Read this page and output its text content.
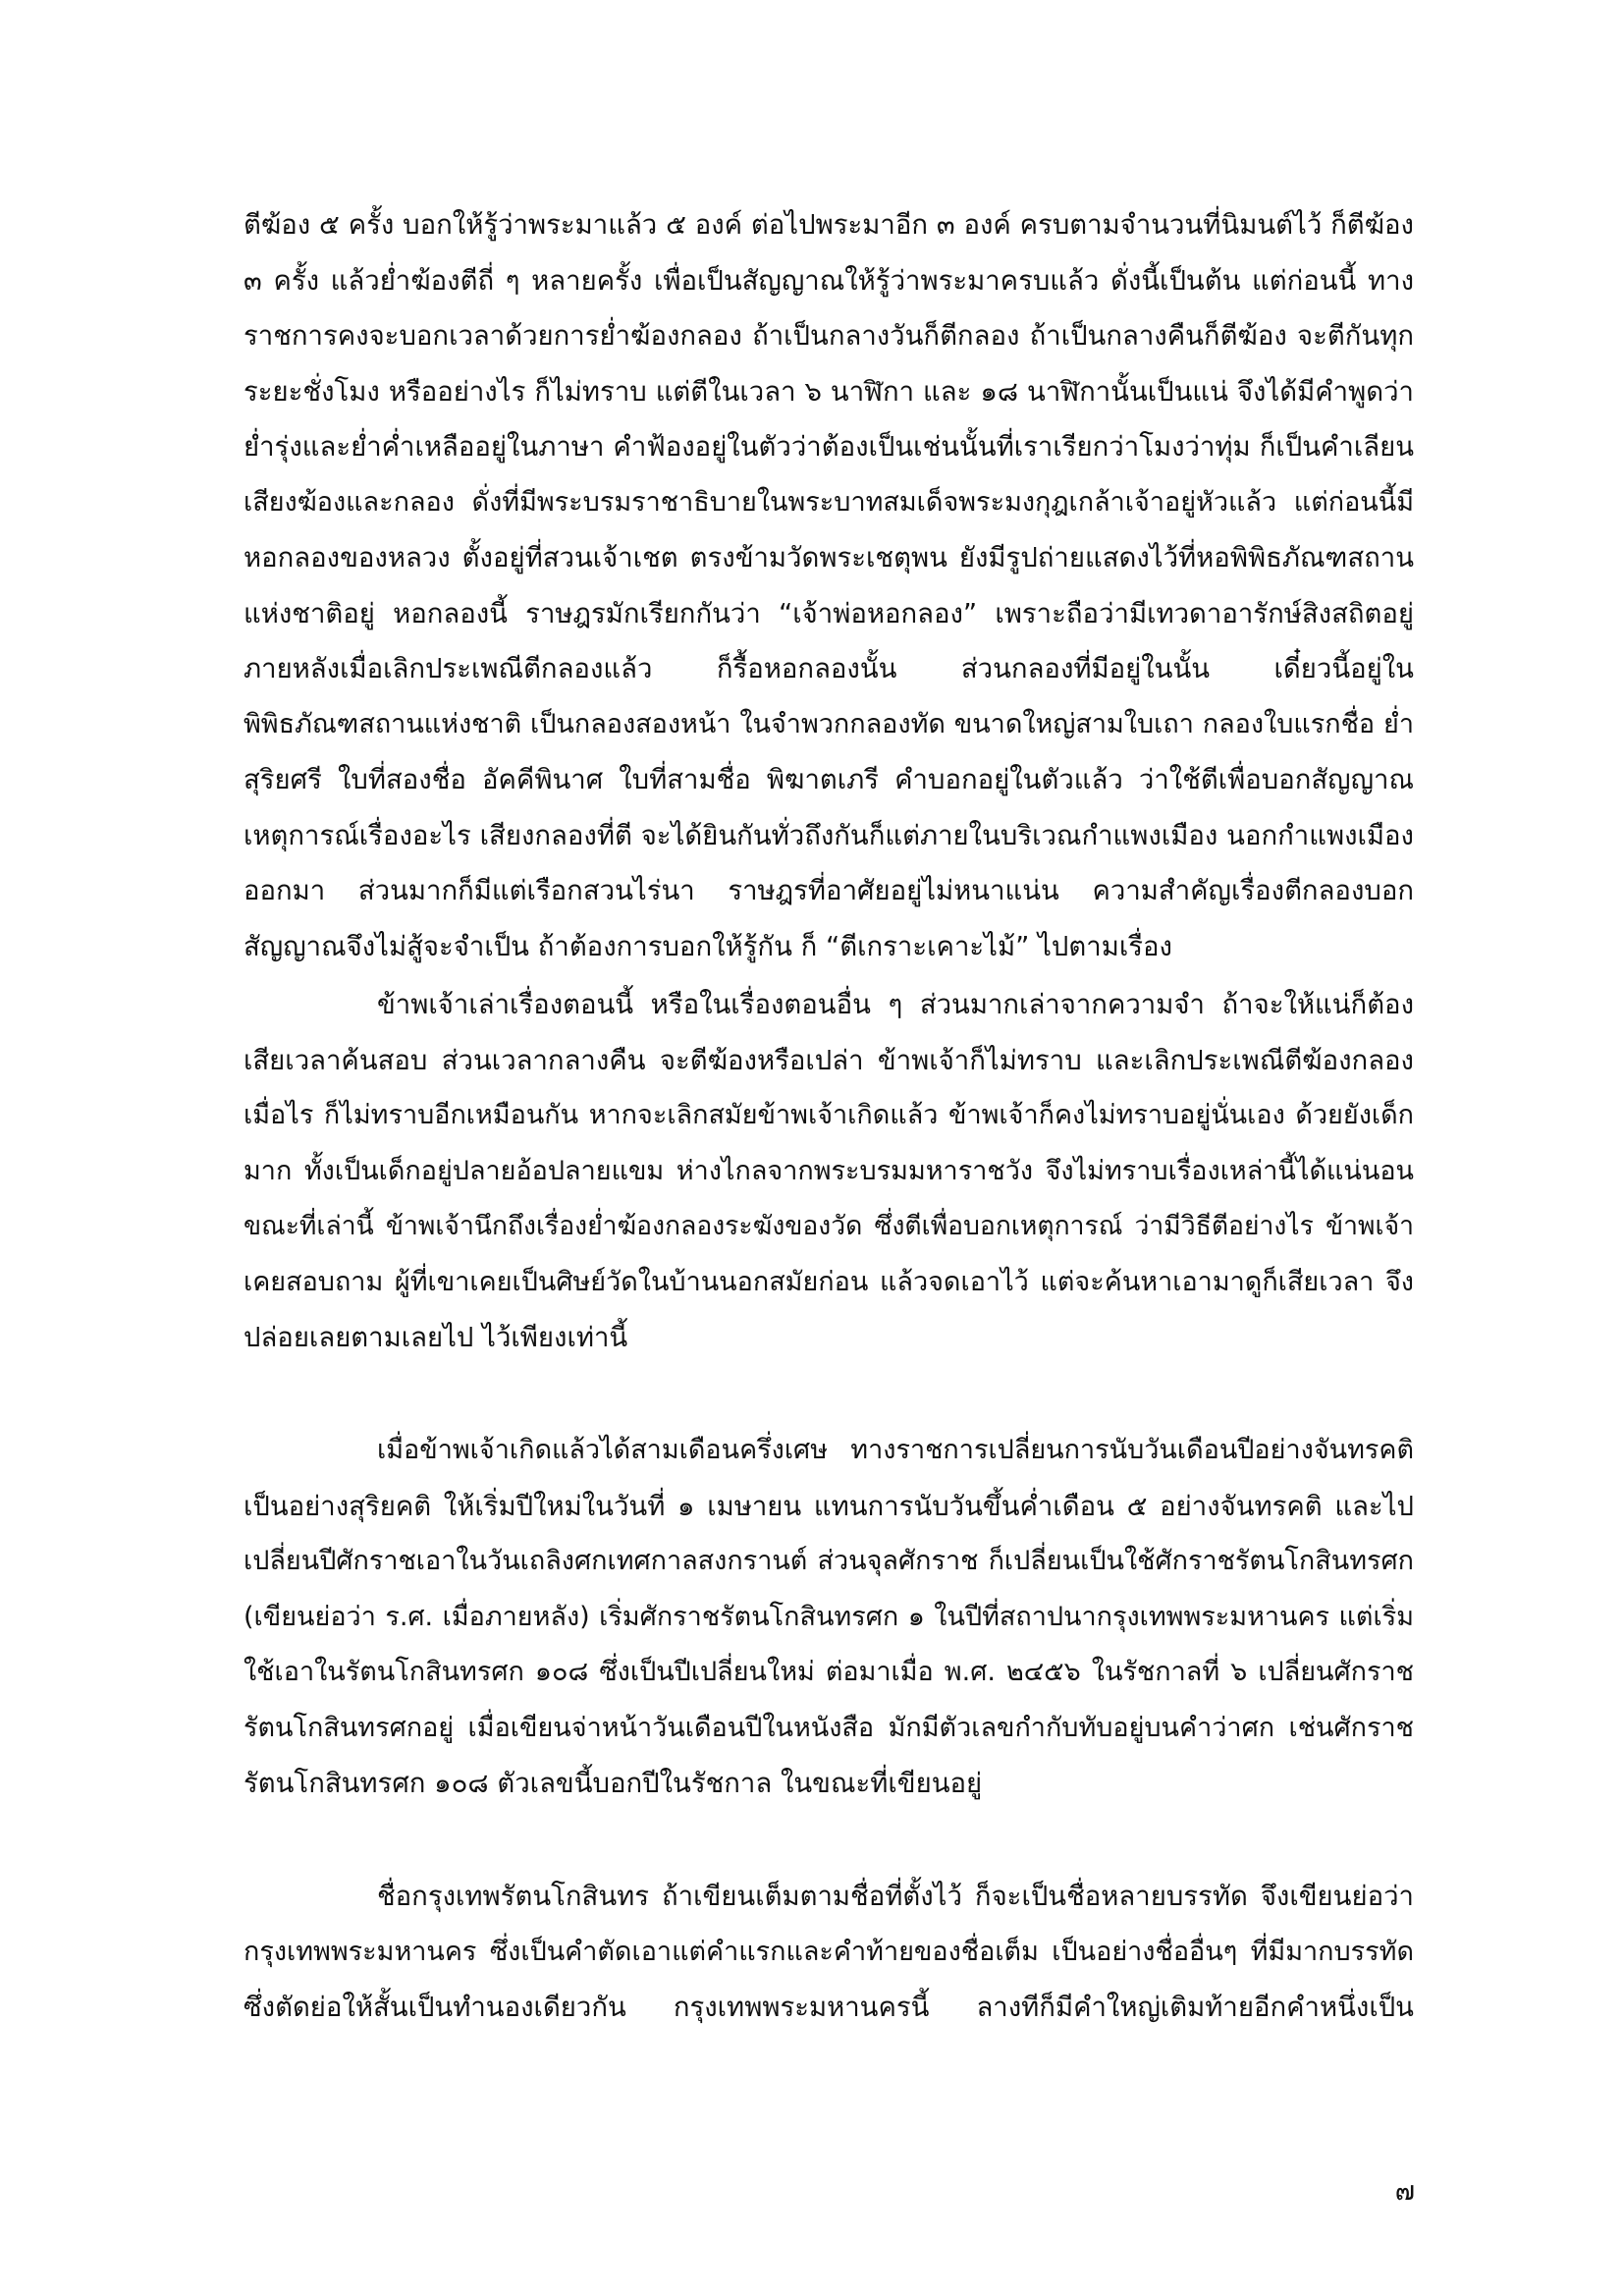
ตีฆ้อง ๕ ครั้ง บอกให้รู้ว่าพระมาแล้ว ๕ องค์ ต่อไปพระมาอีก ๓ องค์ ครบตามจำนวนที่นิมนต์ไว้ ก็ตีฆ้อง
๓ ครั้ง แล้วย่ำฆ้องตีถี่ ๆ หลายครั้ง เพื่อเป็นสัญญาณให้รู้ว่าพระมาครบแล้ว ดั่งนี้เป็นต้น แต่ก่อนนี้ ทาง
ราชการคงจะบอกเวลาด้วยการย่ำฆ้องกลอง ถ้าเป็นกลางวันก็ตีกลอง ถ้าเป็นกลางคืนก็ตีฆ้อง จะตีกันทุก
ระยะชั่งโมง หรืออย่างไร ก็ไม่ทราบ แต่ตีในเวลา ๖ นาฬิกา และ ๑๘ นาฬิกานั้นเป็นแน่ จึงได้มีคำพูดว่า
ย่ำรุ่งและย่ำค่ำเหลืออยู่ในภาษา คำฟ้องอยู่ในตัวว่าต้องเป็นเช่นนั้นที่เราเรียกว่าโมงว่าทุ่ม ก็เป็นคำเลียน
เสียงฆ้องและกลอง ดั่งที่มีพระบรมราชาธิบายในพระบาทสมเด็จพระมงกุฎเกล้าเจ้าอยู่หัวแล้ว แต่ก่อนนี้มี
หอกลองของหลวง ตั้งอยู่ที่สวนเจ้าเชต ตรงข้ามวัดพระเชตุพน ยังมีรูปถ่ายแสดงไว้ที่หอพิพิธภัณฑสถาน
แห่งชาติอยู่ หอกลองนี้ ราษฎรมักเรียกกันว่า “เจ้าพ่อหอกลอง” เพราะถือว่ามีเทวดาอารักษ์สิงสถิตอยู่
ภายหลังเมื่อเลิกประเพณีตีกลองแล้ว ก็รื้อหอกลองนั้น ส่วนกลองที่มีอยู่ในนั้น เดี๋ยวนี้อยู่ใน
พิพิธภัณฑสถานแห่งชาติ เป็นกลองสองหน้า ในจำพวกกลองทัด ขนาดใหญ่สามใบเถา กลองใบแรกชื่อ ย่ำ
สุริยศรี ใบที่สองชื่อ อัคคีพินาศ ใบที่สามชื่อ พิฆาตเภรี คำบอกอยู่ในตัวแล้ว ว่าใช้ตีเพื่อบอกสัญญาณ
เหตุการณ์เรื่องอะไร เสียงกลองที่ตี จะได้ยินกันทั่วถึงกันก็แต่ภายในบริเวณกำแพงเมือง นอกกำแพงเมือง
ออกมา ส่วนมากก็มีแต่เรือกสวนไร่นา ราษฎรที่อาศัยอยู่ไม่หนาแน่น ความสำคัญเรื่องตีกลองบอก
สัญญาณจึงไม่สู้จะจำเป็น ถ้าต้องการบอกให้รู้กัน ก็ “ตีเกราะเคาะไม้” ไปตามเรื่อง
ข้าพเจ้าเล่าเรื่องตอนนี้ หรือในเรื่องตอนอื่น ๆ ส่วนมากเล่าจากความจำ ถ้าจะให้แน่ก็ต้อง
เสียเวลาค้นสอบ ส่วนเวลากลางคืน จะตีฆ้องหรือเปล่า ข้าพเจ้าก็ไม่ทราบ และเลิกประเพณีตีฆ้องกลอง
เมื่อไร ก็ไม่ทราบอีกเหมือนกัน หากจะเลิกสมัยข้าพเจ้าเกิดแล้ว ข้าพเจ้าก็คงไม่ทราบอยู่นั่นเอง ด้วยยังเด็ก
มาก ทั้งเป็นเด็กอยู่ปลายอ้อปลายแขม ห่างไกลจากพระบรมมหาราชวัง จึงไม่ทราบเรื่องเหล่านี้ได้แน่นอน
ขณะที่เล่านี้ ข้าพเจ้านึกถึงเรื่องย่ำฆ้องกลองระฆังของวัด ซึ่งตีเพื่อบอกเหตุการณ์ ว่ามีวิธีตีอย่างไร ข้าพเจ้า
เคยสอบถาม ผู้ที่เขาเคยเป็นศิษย์วัดในบ้านนอกสมัยก่อน แล้วจดเอาไว้ แต่จะค้นหาเอามาดูก็เสียเวลา จึง
ปล่อยเลยตามเลยไป ไว้เพียงเท่านี้
เมื่อข้าพเจ้าเกิดแล้วได้สามเดือนครึ่งเศษ ทางราชการเปลี่ยนการนับวันเดือนปีอย่างจันทรคติ
เป็นอย่างสุริยคติ ให้เริ่มปีใหม่ในวันที่ ๑ เมษายน แทนการนับวันขึ้นค่ำเดือน ๕ อย่างจันทรคติ และไป
เปลี่ยนปีศักราชเอาในวันเถลิงศกเทศกาลสงกรานต์ ส่วนจุลศักราช ก็เปลี่ยนเป็นใช้ศักราชรัตนโกสินทรศก
(เขียนย่อว่า ร.ศ. เมื่อภายหลัง) เริ่มศักราชรัตนโกสินทรศก ๑ ในปีที่สถาปนากรุงเทพพระมหานคร แต่เริ่ม
ใช้เอาในรัตนโกสินทรศก ๑๐๘ ซึ่งเป็นปีเปลี่ยนใหม่ ต่อมาเมื่อ พ.ศ. ๒๔๕๖ ในรัชกาลที่ ๖ เปลี่ยนศักราช
รัตนโกสินทรศกอยู่ เมื่อเขียนจ่าหน้าวันเดือนปีในหนังสือ มักมีตัวเลขกำกับทับอยู่บนคำว่าศก เช่นศักราช
รัตนโกสินทรศก ๑๐๘ ตัวเลขนี้บอกปีในรัชกาล ในขณะที่เขียนอยู่
ชื่อกรุงเทพรัตนโกสินทร ถ้าเขียนเต็มตามชื่อที่ตั้งไว้ ก็จะเป็นชื่อหลายบรรทัด จึงเขียนย่อว่า
กรุงเทพพระมหานคร ซึ่งเป็นคำตัดเอาแต่คำแรกและคำท้ายของชื่อเต็ม เป็นอย่างชื่ออื่นๆ ที่มีมากบรรทัด
ซึ่งตัดย่อให้สั้นเป็นทำนองเดียวกัน กรุงเทพพระมหานครนี้ ลางทีก็มีคำใหญ่เติมท้ายอีกคำหนึ่งเป็น
๗
